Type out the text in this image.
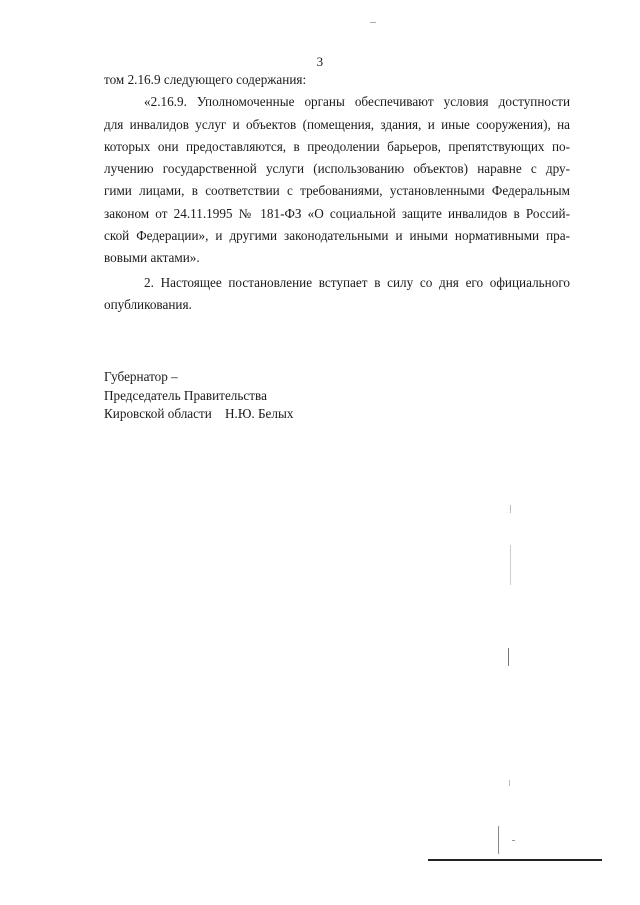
3
том 2.16.9 следующего содержания:
«2.16.9. Уполномоченные органы обеспечивают условия доступности
для инвалидов услуг и объектов (помещения, здания, и иные сооружения), на
которых они предоставляются, в преодолении барьеров, препятствующих по-
лучению государственной услуги (использованию объектов) наравне с дру-
гими лицами, в соответствии с требованиями, установленными Федеральным
законом от 24.11.1995 № 181-ФЗ «О социальной защите инвалидов в Россий-
ской Федерации», и другими законодательными и иными нормативными пра-
вовыми актами».
2. Настоящее постановление вступает в силу со дня его официального
опубликования.
Губернатор –
Председатель Правительства
Кировской области    Н.Ю. Белых
